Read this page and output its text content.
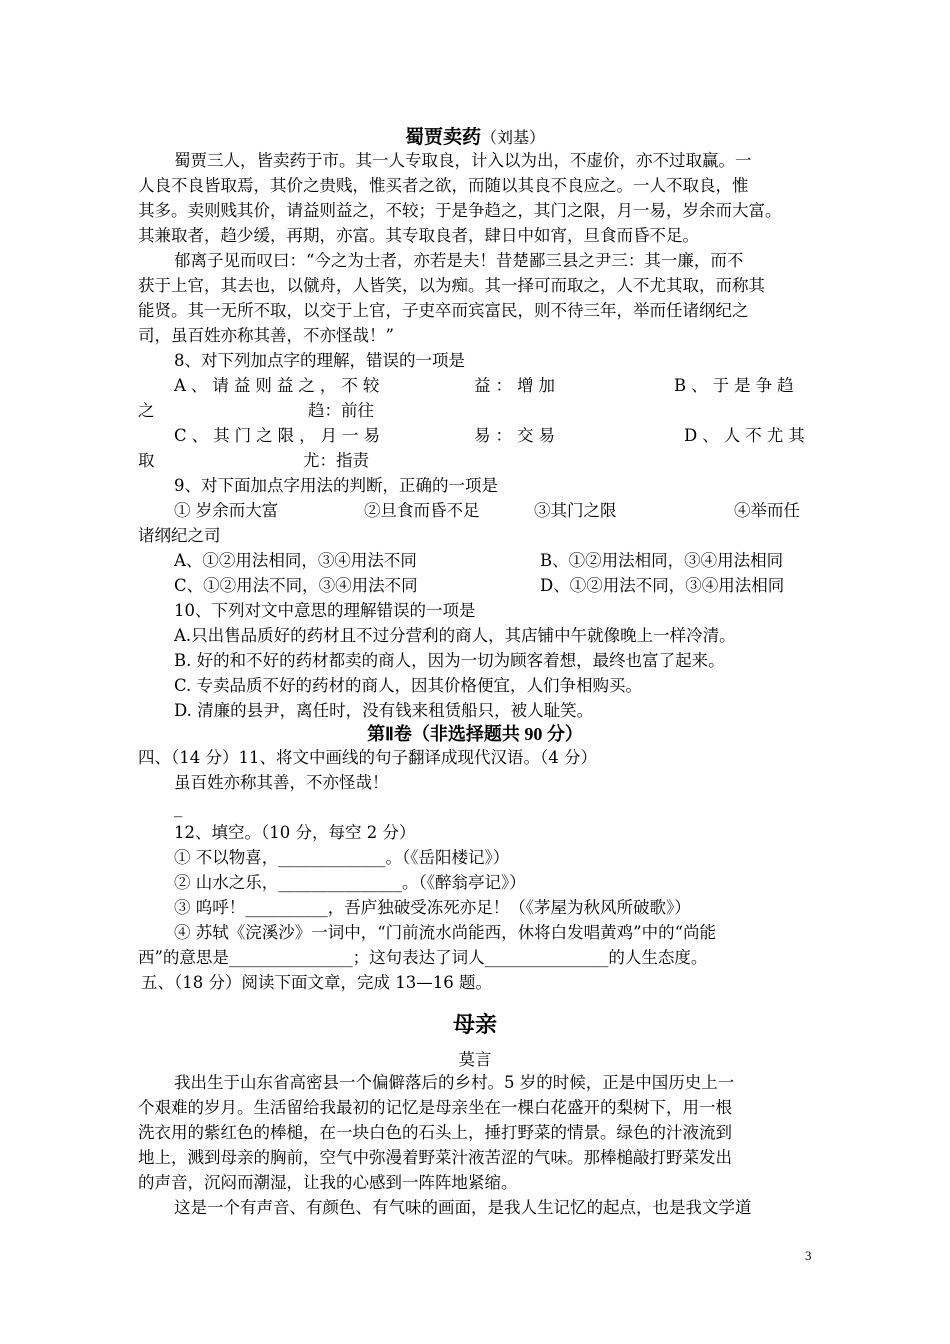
蜀贾卖药（刘基）
蜀贾三人，皆卖药于市。其一人专取良，计入以为出，不虚价，亦不过取赢。一
人良不良皆取焉，其价之贵贱，惟买者之欲，而随以其良不良应之。一人不取良，惟
其多。卖则贱其价，请益则益之，不较；于是争趋之，其门之限，月一易，岁余而大富。
其兼取者，趋少缓，再期，亦富。其专取良者，肆日中如宵，旦食而昏不足。
郁离子见而叹曰：“今之为士者，亦若是夫！昔楚鄙三县之尹三：其一廉，而不
获于上官，其去也，以僦舟，人皆笑，以为痴。其一择可而取之，人不尤其取，而称其
能贤。其一无所不取，以交于上官，子吏卒而宾富民，则不待三年，举而任诸纲纪之
司，虽百姓亦称其善，不亦怪哉！”
8、对下列加点字的理解，错误的一项是
A、请益则益之，不较	益：增加	B、于是争趋
之	趋：前往
C、其门之限，月一易	易：交易	D、人不尤其
取	尤：指责
9、对下面加点字用法的判断，正确的一项是
① 岁余而大富	②旦食而昏不足	③其门之限	④举而任
诸纲纪之司
A、①②用法相同，③④用法不同	B、①②用法相同，③④用法相同
C、①②用法不同，③④用法不同	D、①②用法不同，③④用法相同
10、下列对文中意思的理解错误的一项是
A.只出售品质好的药材且不过分营利的商人，其店铺中午就像晚上一样冷清。
B. 好的和不好的药材都卖的商人，因为一切为顾客着想，最终也富了起来。
C. 专卖品质不好的药材的商人，因其价格便宜，人们争相购买。
D. 清廉的县尹，离任时，没有钱来租赁船只，被人耻笑。
第Ⅱ卷（非选择题共 90 分）
四、（14 分）11、将文中画线的句子翻译成现代汉语。（4 分）
虽百姓亦称其善，不亦怪哉！
_
12、填空。（10 分，每空 2 分）
① 不以物喜，_____________。（《岳阳楼记》）
② 山水之乐，_______________。（《醉翁亭记》）
③ 呜呼！__________，吾庐独破受冻死亦足！（《茅屋为秋风所破歌》）
④ 苏轼《浣溪沙》一词中，“门前流水尚能西，休将白发唱黄鸡”中的“尚能
西”的意思是_______________；这句表达了词人_______________的人生态度。
五、（18 分）阅读下面文章，完成 13—16 题。
母亲
莫言
我出生于山东省高密县一个偏僻落后的乡村。5 岁的时候，正是中国历史上一
个艰难的岁月。生活留给我最初的记忆是母亲坐在一棵白花盛开的梨树下，用一根
洗衣用的紫红色的棒槌，在一块白色的石头上，捶打野菜的情景。绿色的汁液流到
地上，溅到母亲的胸前，空气中弥漫着野菜汁液苦涩的气味。那棒槌敲打野菜发出
的声音，沉闷而潮湿，让我的心感到一阵阵地紧缩。
这是一个有声音、有颜色、有气味的画面，是我人生记忆的起点，也是我文学道
3
